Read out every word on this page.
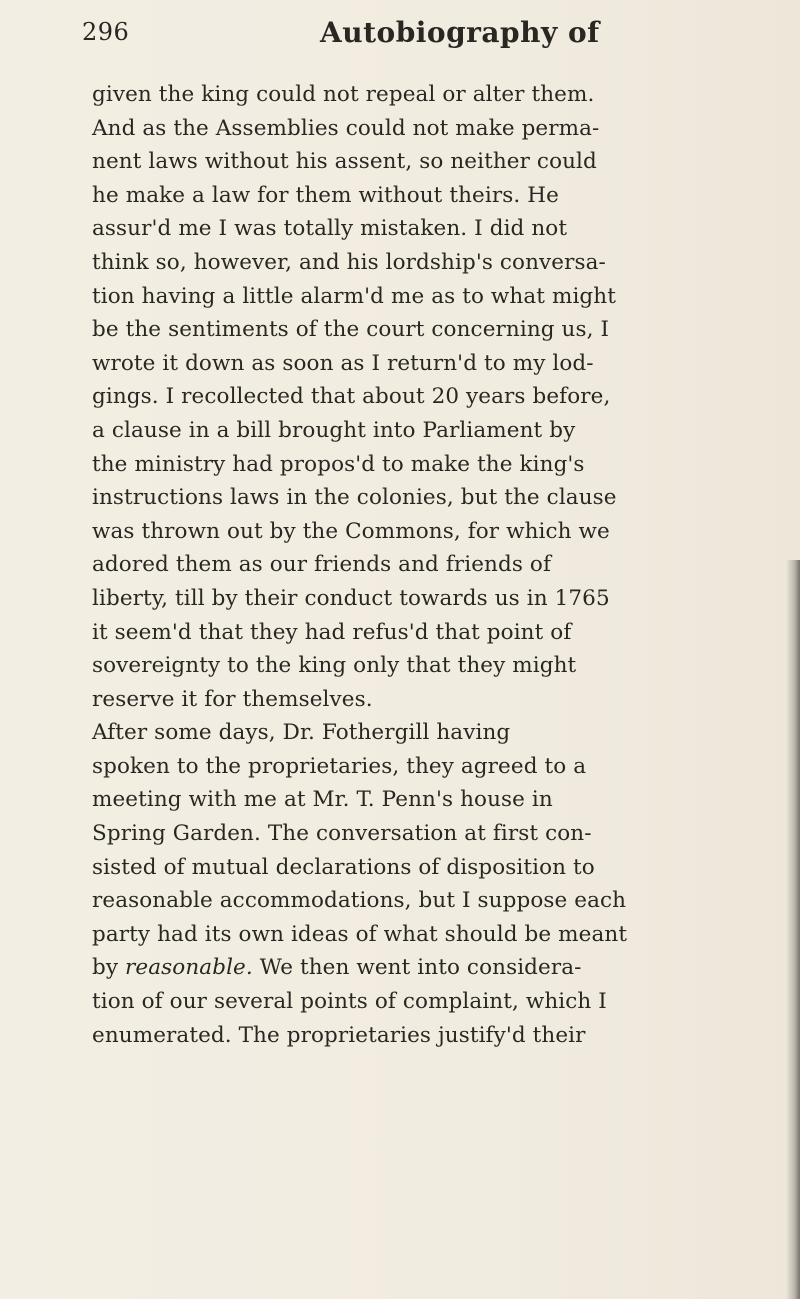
296	Autobiography of
given the king could not repeal or alter them.
And as the Assemblies could not make perma-
nent laws without his assent, so neither could
he make a law for them without theirs. He
assur'd me I was totally mistaken. I did not
think so, however, and his lordship's conversa-
tion having a little alarm'd me as to what might
be the sentiments of the court concerning us, I
wrote it down as soon as I return'd to my lod-
gings. I recollected that about 20 years before,
a clause in a bill brought into Parliament by
the ministry had propos'd to make the king's
instructions laws in the colonies, but the clause
was thrown out by the Commons, for which we
adored them as our friends and friends of
liberty, till by their conduct towards us in 1765
it seem'd that they had refus'd that point of
sovereignty to the king only that they might
reserve it for themselves.
After some days, Dr. Fothergill having
spoken to the proprietaries, they agreed to a
meeting with me at Mr. T. Penn's house in
Spring Garden. The conversation at first con-
sisted of mutual declarations of disposition to
reasonable accommodations, but I suppose each
party had its own ideas of what should be meant
by reasonable. We then went into considera-
tion of our several points of complaint, which I
enumerated. The proprietaries justify'd their
